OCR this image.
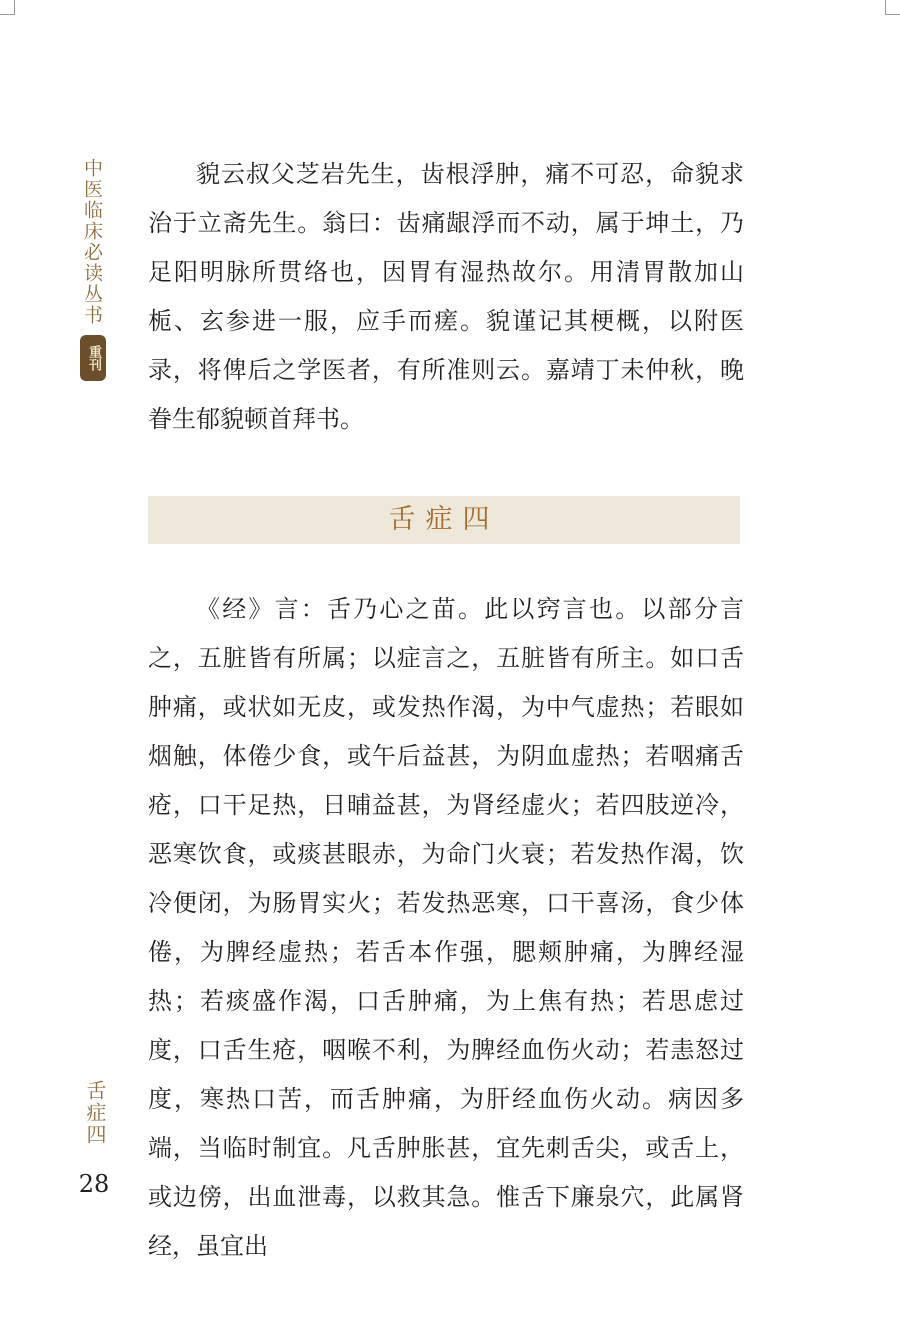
中医临床必读丛书
重刊

貌云叔父芝岩先生，齿根浮肿，痛不可忍，命貌求治于立斋先生。翁曰：齿痛龈浮而不动，属于坤土，乃足阳明脉所贯络也，因胃有湿热故尔。用清胃散加山栀、玄参进一服，应手而瘥。貌谨记其梗概，以附医录，将俾后之学医者，有所准则云。嘉靖丁未仲秋，晚眷生郁貌顿首拜书。

舌症四

《经》言：舌乃心之苗。此以窍言也。以部分言之，五脏皆有所属；以症言之，五脏皆有所主。如口舌肿痛，或状如无皮，或发热作渴，为中气虚热；若眼如烟触，体倦少食，或午后益甚，为阴血虚热；若咽痛舌疮，口干足热，日晡益甚，为肾经虚火；若四肢逆冷，恶寒饮食，或痰甚眼赤，为命门火衰；若发热作渴，饮冷便闭，为肠胃实火；若发热恶寒，口干喜汤，食少体倦，为脾经虚热；若舌本作强，腮颊肿痛，为脾经湿热；若痰盛作渴，口舌肿痛，为上焦有热；若思虑过度，口舌生疮，咽喉不利，为脾经血伤火动；若恚怒过度，寒热口苦，而舌肿痛，为肝经血伤火动。病因多端，当临时制宜。凡舌肿胀甚，宜先刺舌尖，或舌上，或边傍，出血泄毒，以救其急。惟舌下廉泉穴，此属肾经，虽宜出

舌症四
28
